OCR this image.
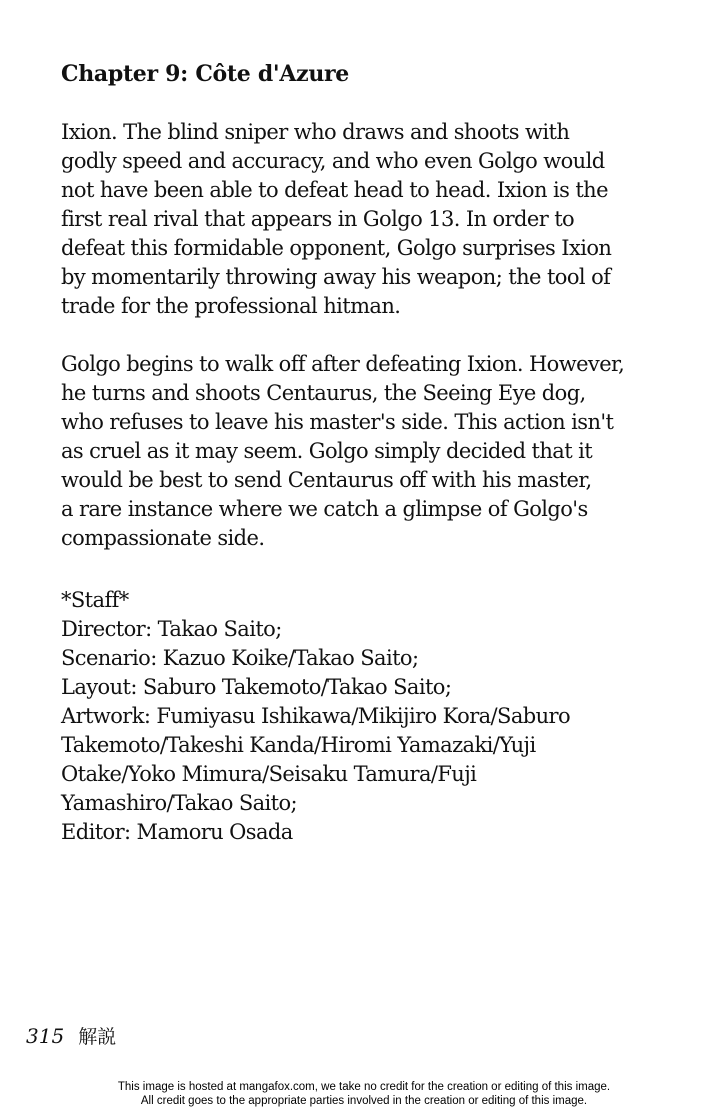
Chapter 9: Côte d'Azure

Ixion. The blind sniper who draws and shoots with
godly speed and accuracy, and who even Golgo would
not have been able to defeat head to head. Ixion is the
first real rival that appears in Golgo 13. In order to
defeat this formidable opponent, Golgo surprises Ixion
by momentarily throwing away his weapon; the tool of
trade for the professional hitman.

Golgo begins to walk off after defeating Ixion. However,
he turns and shoots Centaurus, the Seeing Eye dog,
who refuses to leave his master's side. This action isn't
as cruel as it may seem. Golgo simply decided that it
would be best to send Centaurus off with his master,
a rare instance where we catch a glimpse of Golgo's
compassionate side.

*Staff*
Director: Takao Saito;
Scenario: Kazuo Koike/Takao Saito;
Layout: Saburo Takemoto/Takao Saito;
Artwork: Fumiyasu Ishikawa/Mikijiro Kora/Saburo
Takemoto/Takeshi Kanda/Hiromi Yamazaki/Yuji
Otake/Yoko Mimura/Seisaku Tamura/Fuji
Yamashiro/Takao Saito;
Editor: Mamoru Osada
315 解説
This image is hosted at mangafox.com, we take no credit for the creation or editing of this image.
All credit goes to the appropriate parties involved in the creation or editing of this image.
